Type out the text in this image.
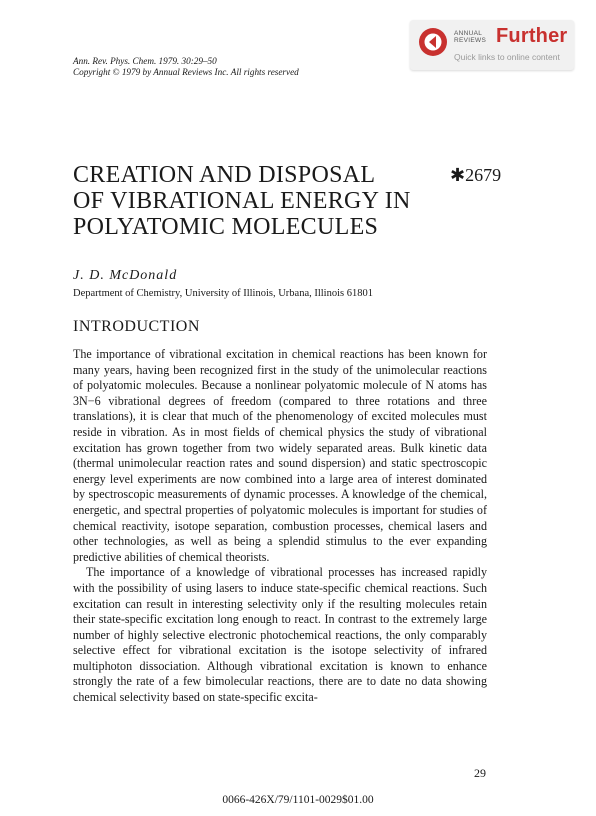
Ann. Rev. Phys. Chem. 1979. 30:29–50
Copyright © 1979 by Annual Reviews Inc. All rights reserved
ANNUAL
REVIEWS Further
Quick links to online content
CREATION AND DISPOSAL
OF VIBRATIONAL ENERGY IN
POLYATOMIC MOLECULES
✱2679
J. D. McDonald
Department of Chemistry, University of Illinois, Urbana, Illinois 61801
INTRODUCTION

The importance of vibrational excitation in chemical reactions has been known for many years, having been recognized first in the study of the unimolecular reactions of polyatomic molecules. Because a nonlinear polyatomic molecule of N atoms has 3N−6 vibrational degrees of freedom (compared to three rotations and three translations), it is clear that much of the phenomenology of excited molecules must reside in vibration. As in most fields of chemical physics the study of vibrational excitation has grown together from two widely separated areas. Bulk kinetic data (thermal unimolecular reaction rates and sound dispersion) and static spectroscopic energy level experiments are now combined into a large area of interest dominated by spectroscopic measurements of dynamic processes. A knowledge of the chemical, energetic, and spectral properties of polyatomic molecules is important for studies of chemical reactivity, isotope separation, combustion processes, chemical lasers and other technologies, as well as being a splendid stimulus to the ever expanding predictive abilities of chemical theorists.

The importance of a knowledge of vibrational processes has increased rapidly with the possibility of using lasers to induce state-specific chemical reactions. Such excitation can result in interesting selectivity only if the resulting molecules retain their state-specific excitation long enough to react. In contrast to the extremely large number of highly selective electronic photochemical reactions, the only comparably selective effect for vibrational excitation is the isotope selectivity of infrared multiphoton dissociation. Although vibrational excitation is known to enhance strongly the rate of a few bimolecular reactions, there are to date no data showing chemical selectivity based on state-specific excita-

29
0066-426X/79/1101-0029$01.00
